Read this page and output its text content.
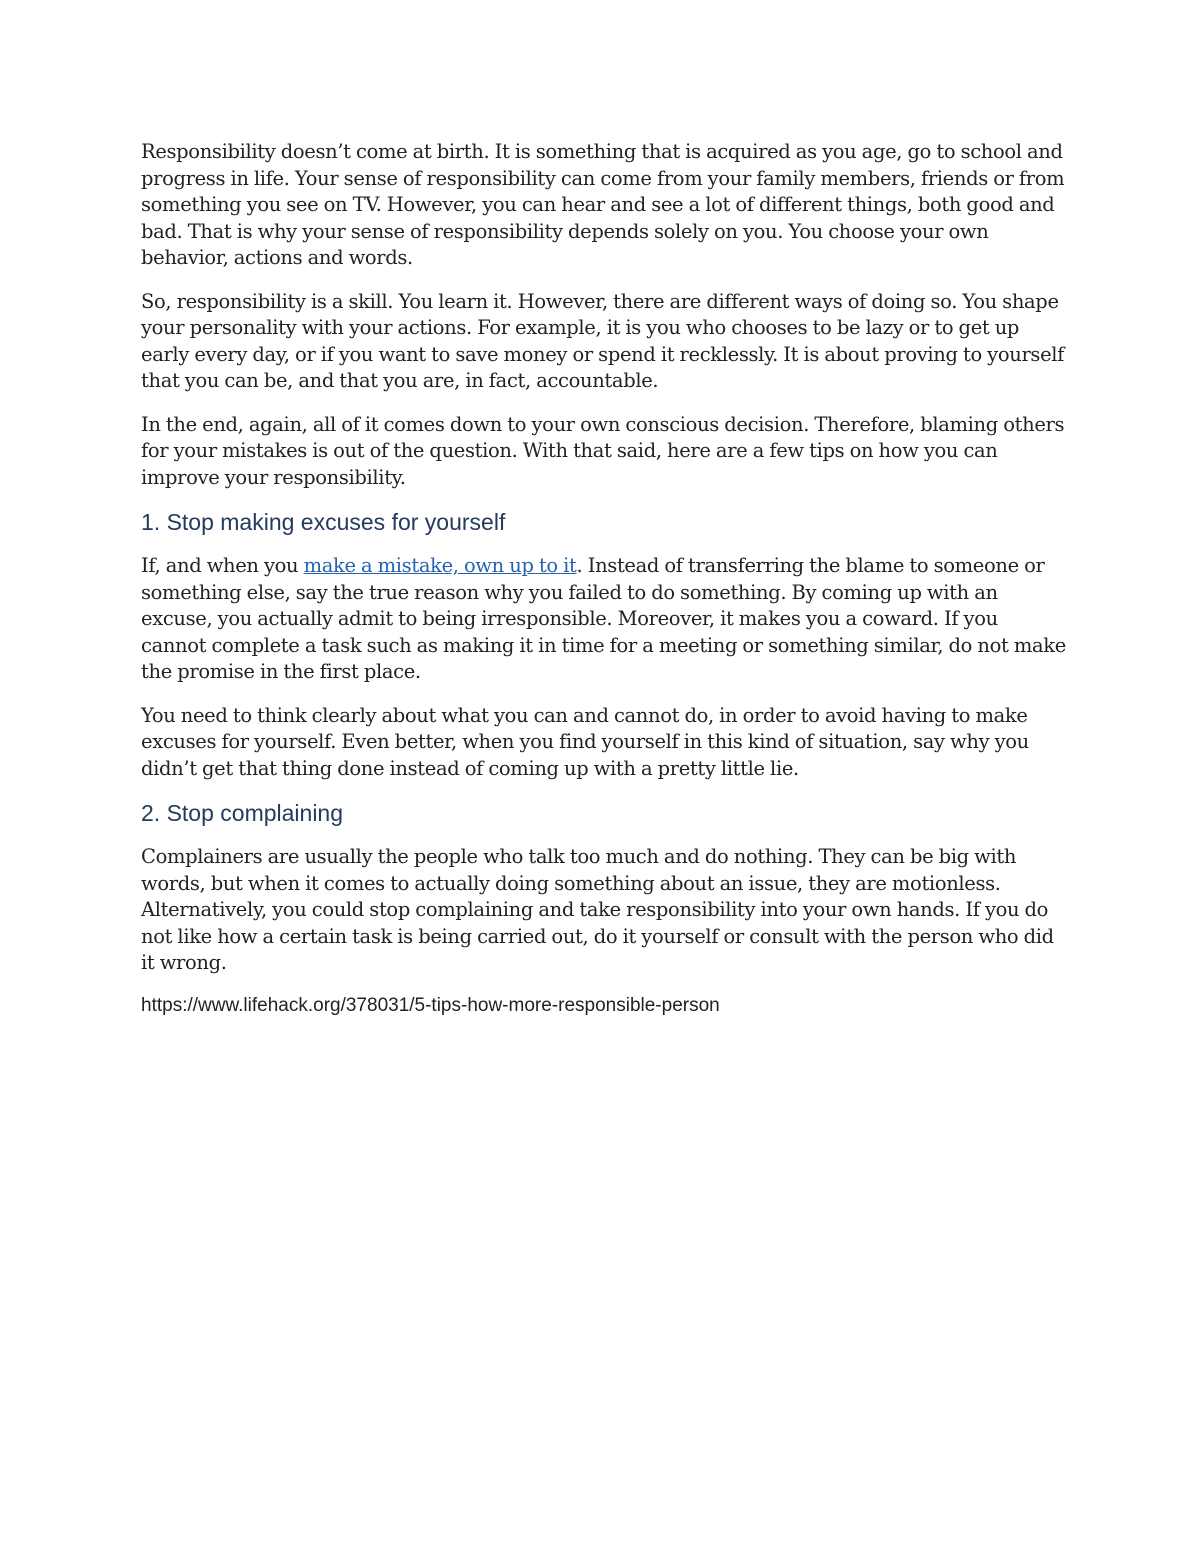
Responsibility doesn’t come at birth. It is something that is acquired as you age, go to school and progress in life. Your sense of responsibility can come from your family members, friends or from something you see on TV. However, you can hear and see a lot of different things, both good and bad. That is why your sense of responsibility depends solely on you. You choose your own behavior, actions and words.

So, responsibility is a skill. You learn it. However, there are different ways of doing so. You shape your personality with your actions. For example, it is you who chooses to be lazy or to get up early every day, or if you want to save money or spend it recklessly. It is about proving to yourself that you can be, and that you are, in fact, accountable.

In the end, again, all of it comes down to your own conscious decision. Therefore, blaming others for your mistakes is out of the question. With that said, here are a few tips on how you can improve your responsibility.

1. Stop making excuses for yourself

If, and when you make a mistake, own up to it. Instead of transferring the blame to someone or something else, say the true reason why you failed to do something. By coming up with an excuse, you actually admit to being irresponsible. Moreover, it makes you a coward. If you cannot complete a task such as making it in time for a meeting or something similar, do not make the promise in the first place.

You need to think clearly about what you can and cannot do, in order to avoid having to make excuses for yourself. Even better, when you find yourself in this kind of situation, say why you didn’t get that thing done instead of coming up with a pretty little lie.

2. Stop complaining

Complainers are usually the people who talk too much and do nothing. They can be big with words, but when it comes to actually doing something about an issue, they are motionless. Alternatively, you could stop complaining and take responsibility into your own hands. If you do not like how a certain task is being carried out, do it yourself or consult with the person who did it wrong.

https://www.lifehack.org/378031/5-tips-how-more-responsible-person
